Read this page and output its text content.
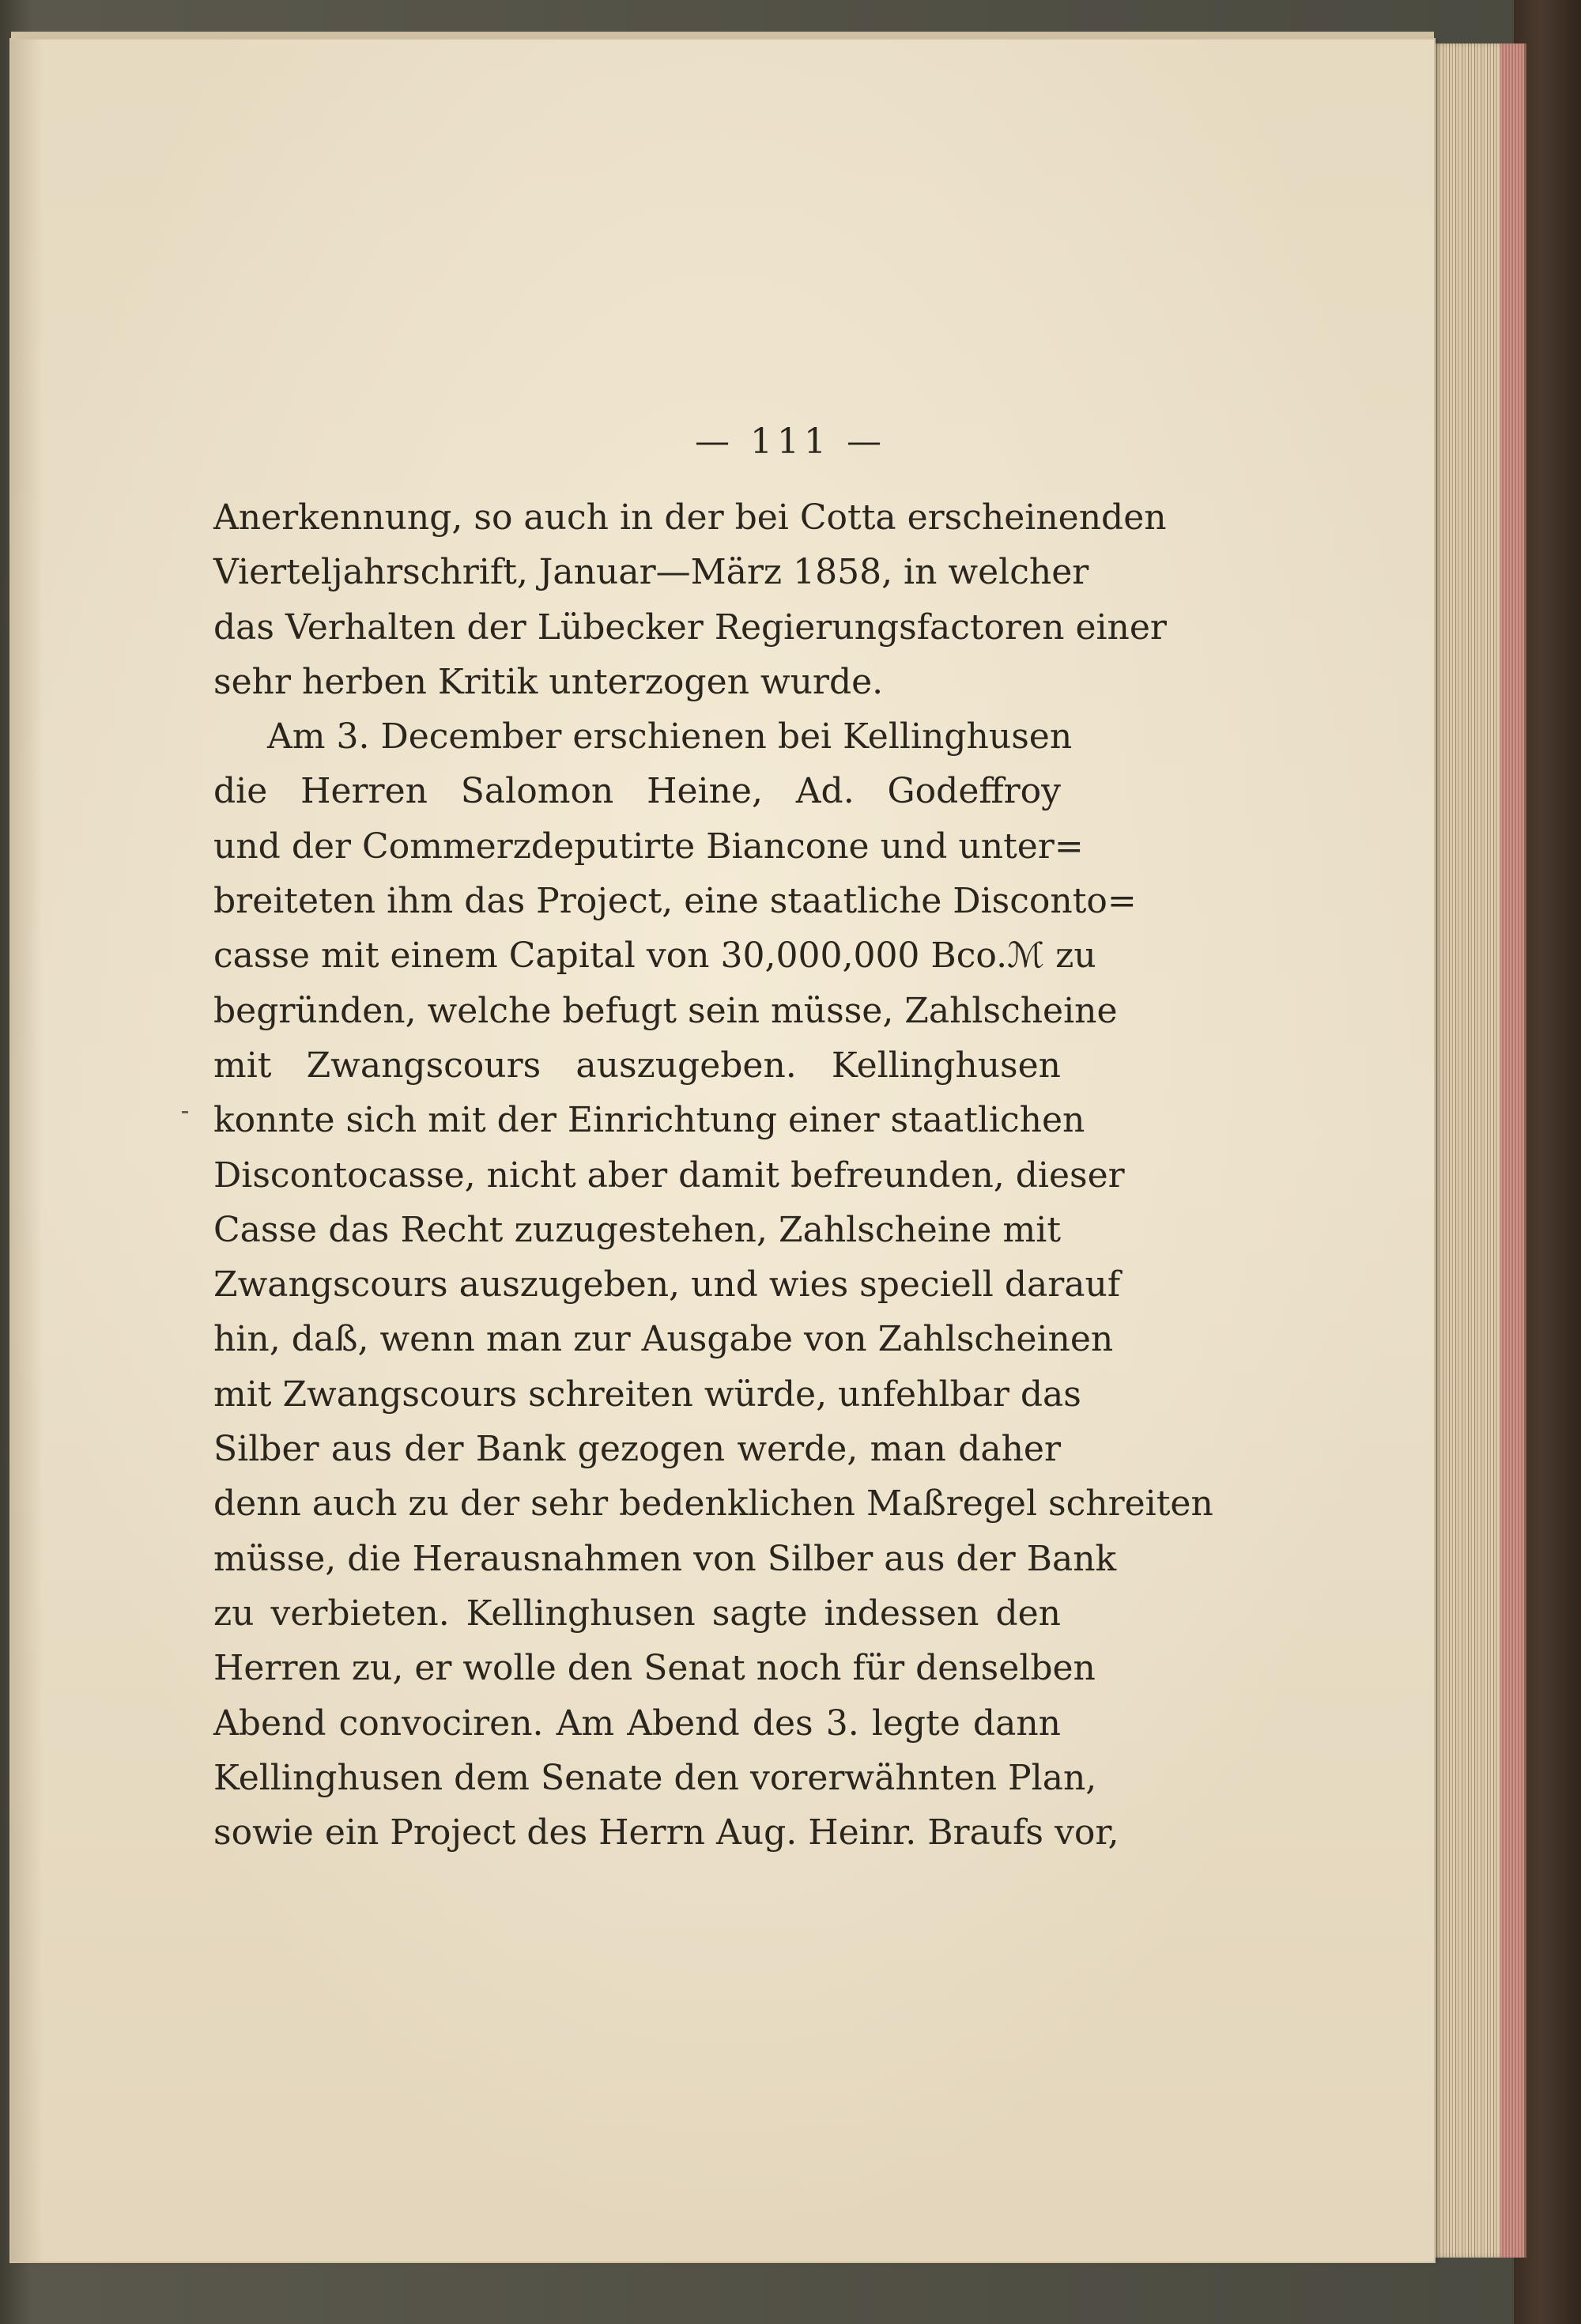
— 111 —
Anerkennung, so auch in der bei Cotta erscheinenden
Vierteljahrschrift, Januar—März 1858, in welcher
das Verhalten der Lübecker Regierungsfactoren einer
sehr herben Kritik unterzogen wurde.
Am 3. December erschienen bei Kellinghusen
die Herren Salomon Heine, Ad. Godeffroy
und der Commerzdeputirte Biancone und unter=
breiteten ihm das Project, eine staatliche Disconto=
casse mit einem Capital von 30,000,000 Bco.ℳ zu
begründen, welche befugt sein müsse, Zahlscheine
mit Zwangscours auszugeben. Kellinghusen
konnte sich mit der Einrichtung einer staatlichen
Discontocasse, nicht aber damit befreunden, dieser
Casse das Recht zuzugestehen, Zahlscheine mit
Zwangscours auszugeben, und wies speciell darauf
hin, daß, wenn man zur Ausgabe von Zahlscheinen
mit Zwangscours schreiten würde, unfehlbar das
Silber aus der Bank gezogen werde, man daher
denn auch zu der sehr bedenklichen Maßregel schreiten
müsse, die Herausnahmen von Silber aus der Bank
zu verbieten. Kellinghusen sagte indessen den
Herren zu, er wolle den Senat noch für denselben
Abend convociren. Am Abend des 3. legte dann
Kellinghusen dem Senate den vorerwähnten Plan,
sowie ein Project des Herrn Aug. Heinr. Braufs vor,
